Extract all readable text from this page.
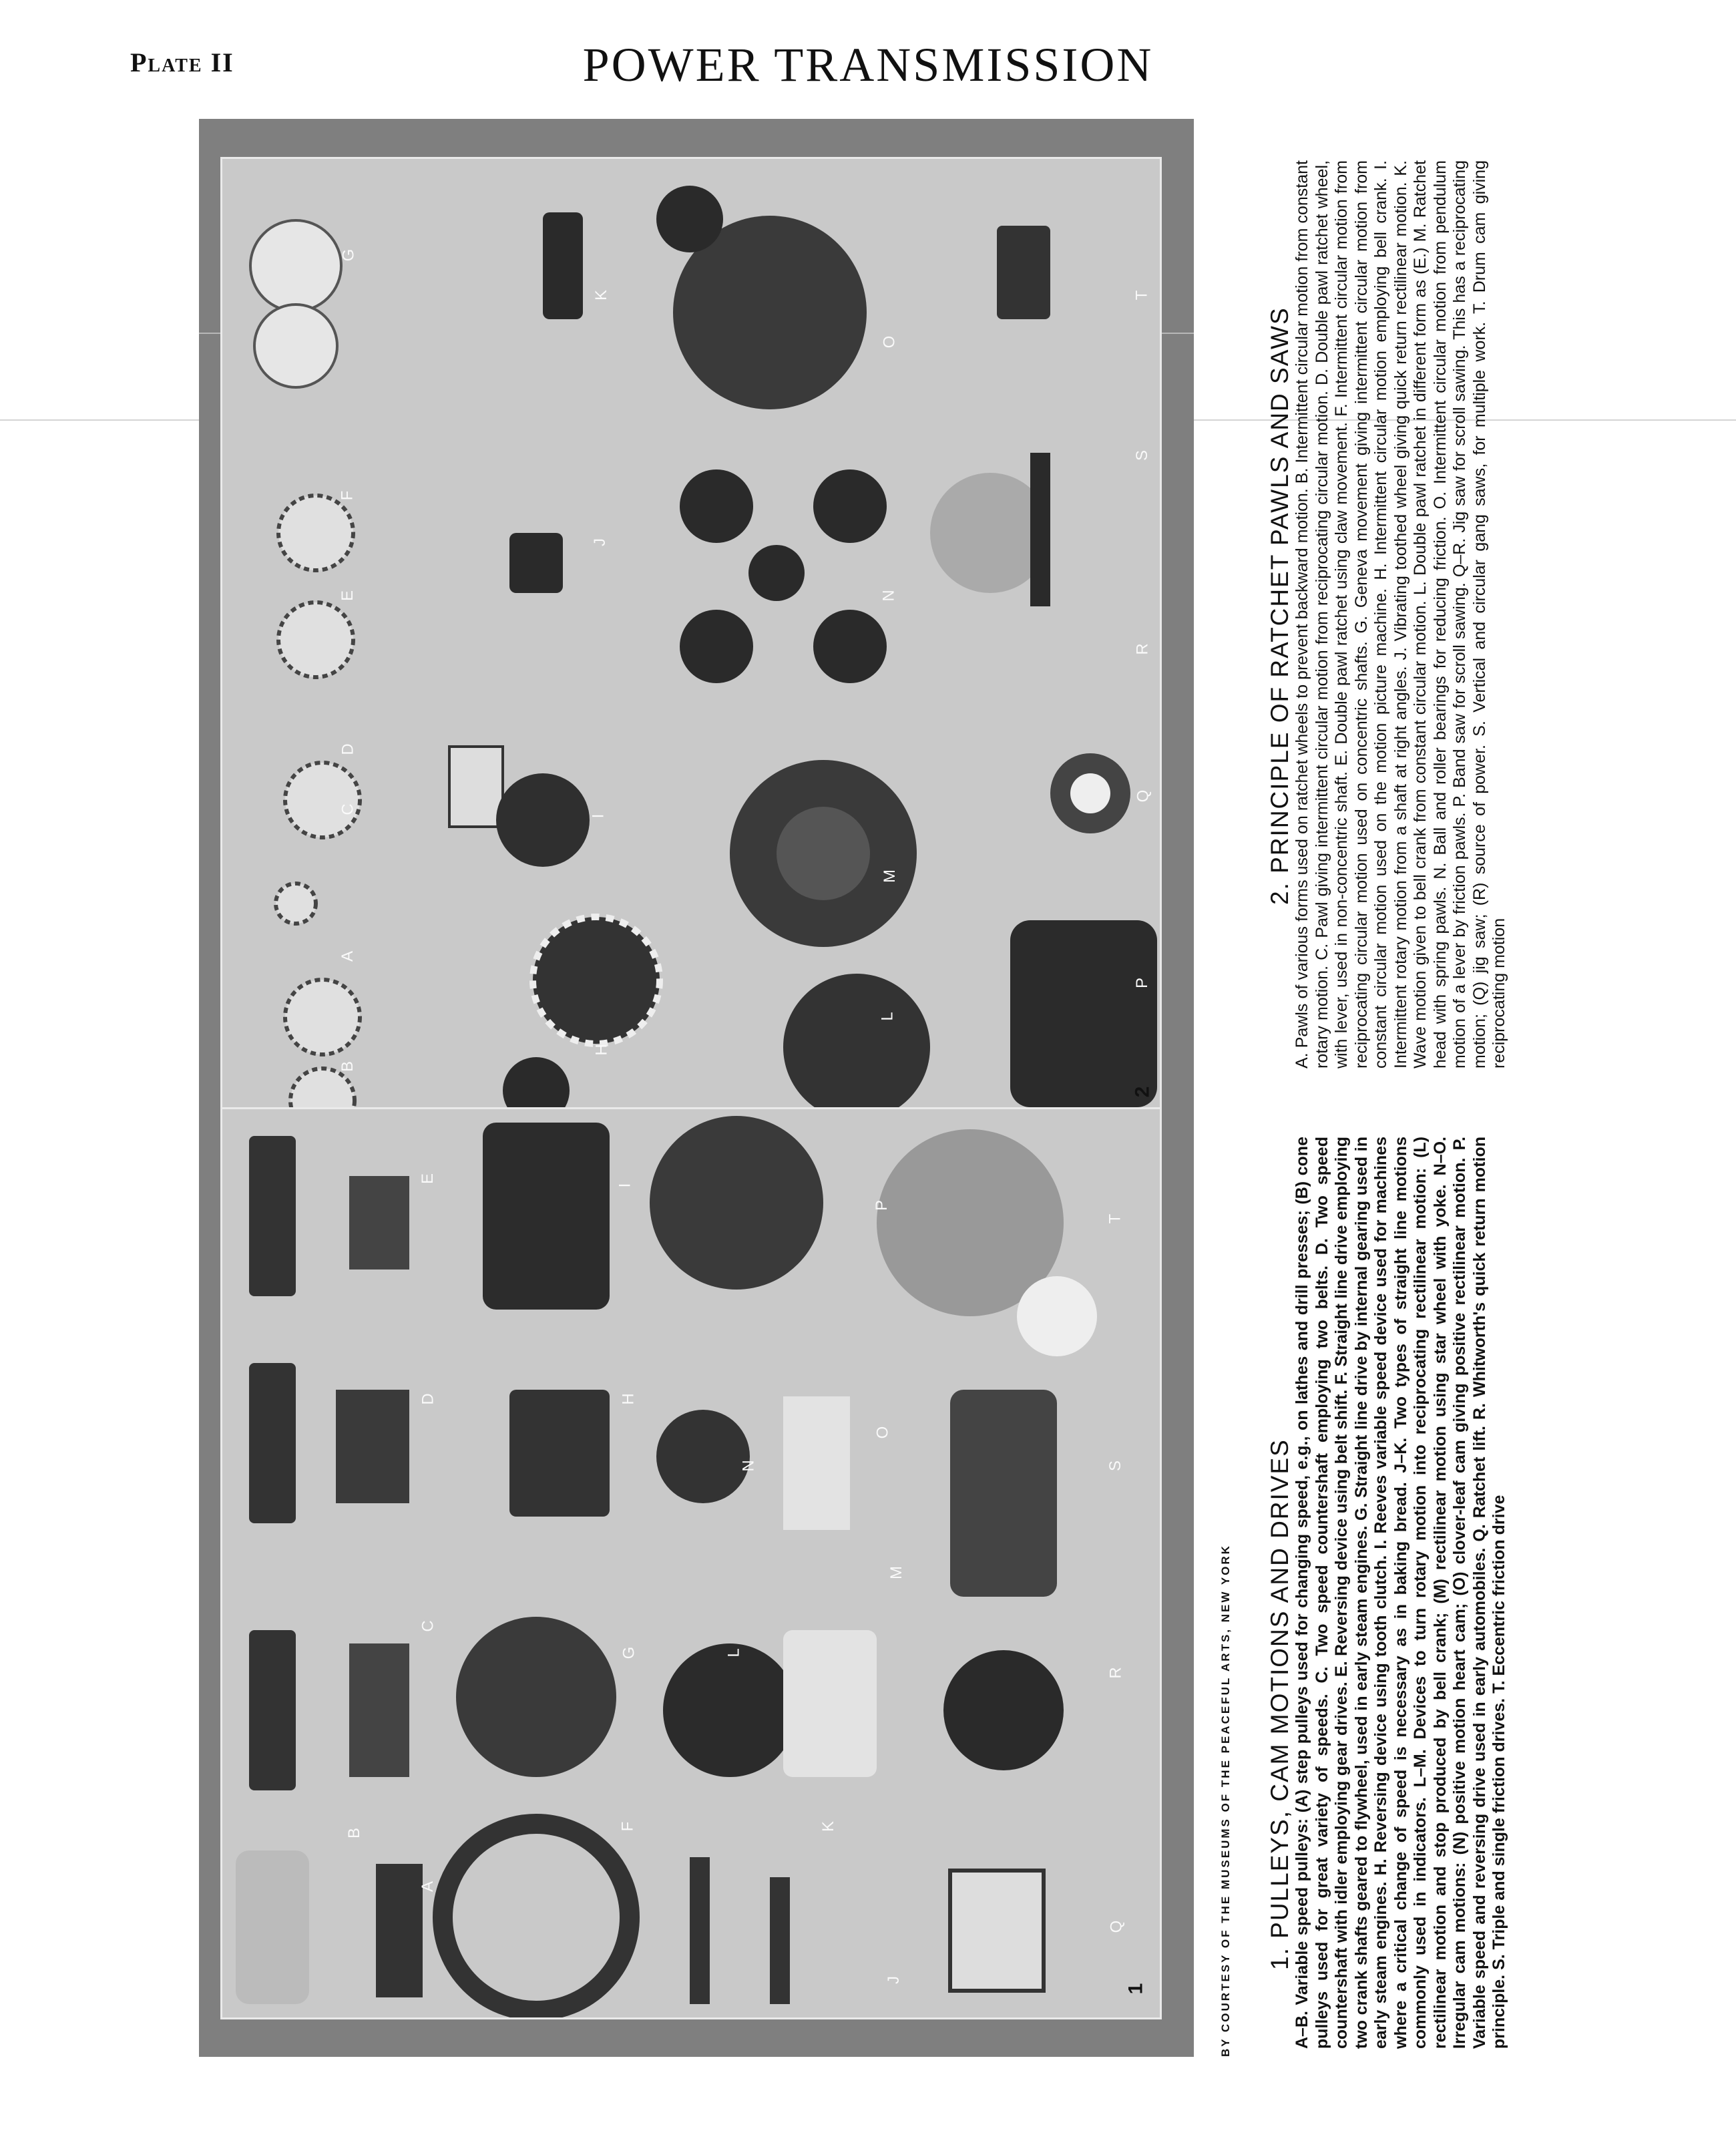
Plate II	POWER TRANSMISSION
A
B
C
D
E
F
G
H
I
J
K
L
M
N
O
P
Q
R
S
T
2
A
B
C
D
E
F
G
H
I
J
K
L
M
N
O
P
Q
R
S
T
1	BY COURTESY OF THE MUSEUMS OF THE PEACEFUL ARTS, NEW YORK 1. PULLEYS, CAM MOTIONS AND DRIVES A–B. Variable speed pulleys: (A) step pulleys used for changing speed, e.g., on lathes and drill presses; (B) cone pulleys used for great variety of speeds. C. Two speed countershaft employing two belts. D. Two speed countershaft with idler employing gear drives. E. Reversing device using belt shift. F. Straight line drive employing two crank shafts geared to flywheel, used in early steam engines. G. Straight line drive by internal gearing used in early steam engines. H. Reversing device using tooth clutch. I. Reeves variable speed device used for machines where a critical change of speed is necessary as in baking bread. J–K. Two types of straight line motions commonly used in indicators. L–M. Devices to turn rotary motion into reciprocating rectilinear motion: (L) rectilinear motion and stop produced by bell crank; (M) rectilinear motion using star wheel with yoke. N–O. Irregular cam motions: (N) positive motion heart cam; (O) clover-leaf cam giving positive rectilinear motion. P. Variable speed and reversing drive used in early automobiles. Q. Ratchet lift. R. Whitworth's quick return motion principle. S. Triple and single friction drives. T. Eccentric friction drive
2. PRINCIPLE OF RATCHET PAWLS AND SAWS A. Pawls of various forms used on ratchet wheels to prevent backward motion. B. Intermittent circular motion from constant rotary motion. C. Pawl giving intermittent circular motion from reciprocating circular motion. D. Double pawl ratchet wheel, with lever, used in non-concentric shaft. E. Double pawl ratchet using claw movement. F. Intermittent circular motion from reciprocating circular motion used on concentric shafts. G. Geneva movement giving intermittent circular motion from constant circular motion used on the motion picture machine. H. Intermittent circular motion employing bell crank. I. Intermittent rotary motion from a shaft at right angles. J. Vibrating toothed wheel giving quick return rectilinear motion. K. Wave motion given to bell crank from constant circular motion. L. Double pawl ratchet in different form as (E.) M. Ratchet head with spring pawls. N. Ball and roller bearings for reducing friction. O. Intermittent circular motion from pendulum motion of a lever by friction pawls. P. Band saw for scroll sawing. Q–R. Jig saw for scroll sawing. This has a reciprocating motion; (Q) jig saw; (R) source of power. S. Vertical and circular gang saws, for multiple work. T. Drum cam giving reciprocating motion
